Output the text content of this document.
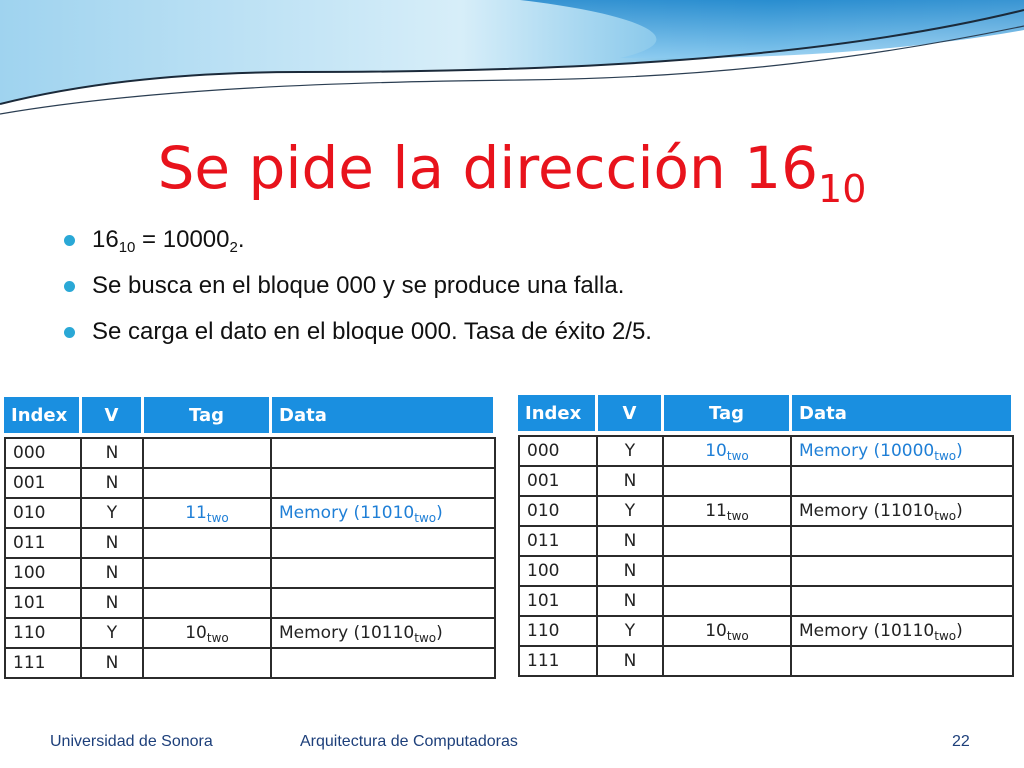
Se pide la dirección $16_{10}$
$16_{10} = 10000_2$.
Se busca en el bloque 000 y se produce una falla.
Se carga el dato en el bloque 000. Tasa de éxito 2/5.
Index	V	Tag	Data

000	N		
001	N		
010	Y	$11_{two}$	Memory $(11010_{two})$
011	N		
100	N		
101	N		
110	Y	$10_{two}$	Memory $(10110_{two})$
111	N		
Index	V	Tag	Data

000	Y	$10_{two}$	Memory $(10000_{two})$
001	N		
010	Y	$11_{two}$	Memory $(11010_{two})$
011	N		
100	N		
101	N		
110	Y	$10_{two}$	Memory $(10110_{two})$
111	N		
Universidad de Sonora	Arquitectura de Computadoras	22
